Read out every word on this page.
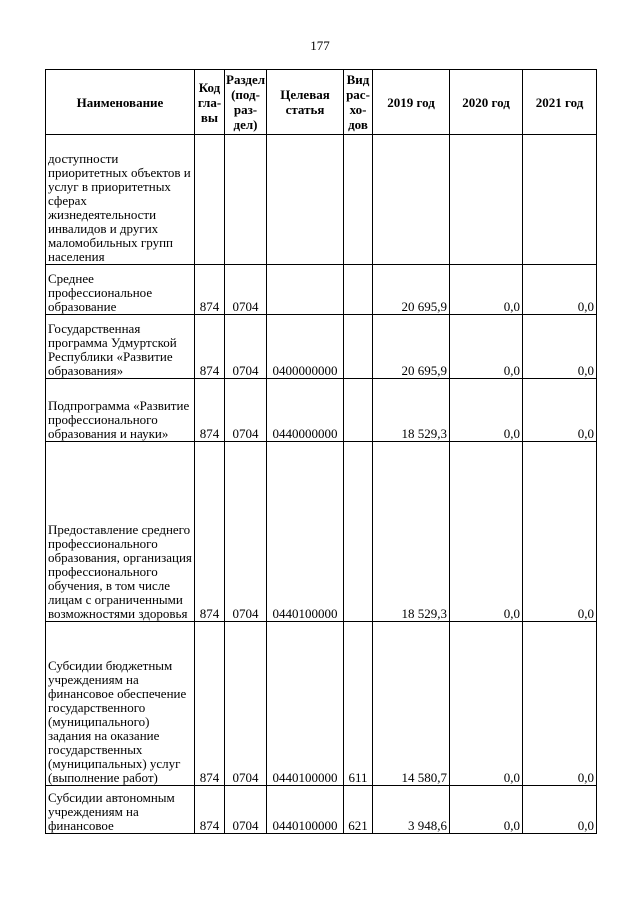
177
Наименование	Код гла- вы	Раздел (под- раз- дел)	Целевая статья	Вид рас- хо- дов	2019 год	2020 год	2021 год
доступности приоритетных объектов и услуг в приоритетных сферах жизнедеятельности инвалидов и других маломобильных групп населения							
Среднее профессиональное образование	874	0704			20 695,9	0,0	0,0
Государственная программа Удмуртской Республики «Развитие образования»	874	0704	0400000000		20 695,9	0,0	0,0
Подпрограмма «Развитие профессионального образования и науки»	874	0704	0440000000		18 529,3	0,0	0,0
Предоставление среднего профессионального образования, организация профессионального обучения, в том числе лицам с ограниченными возможностями здоровья	874	0704	0440100000		18 529,3	0,0	0,0
Субсидии бюджетным учреждениям на финансовое обеспечение государственного (муниципального) задания на оказание государственных (муниципальных) услуг (выполнение работ)	874	0704	0440100000	611	14 580,7	0,0	0,0
Субсидии автономным учреждениям на финансовое	874	0704	0440100000	621	3 948,6	0,0	0,0
